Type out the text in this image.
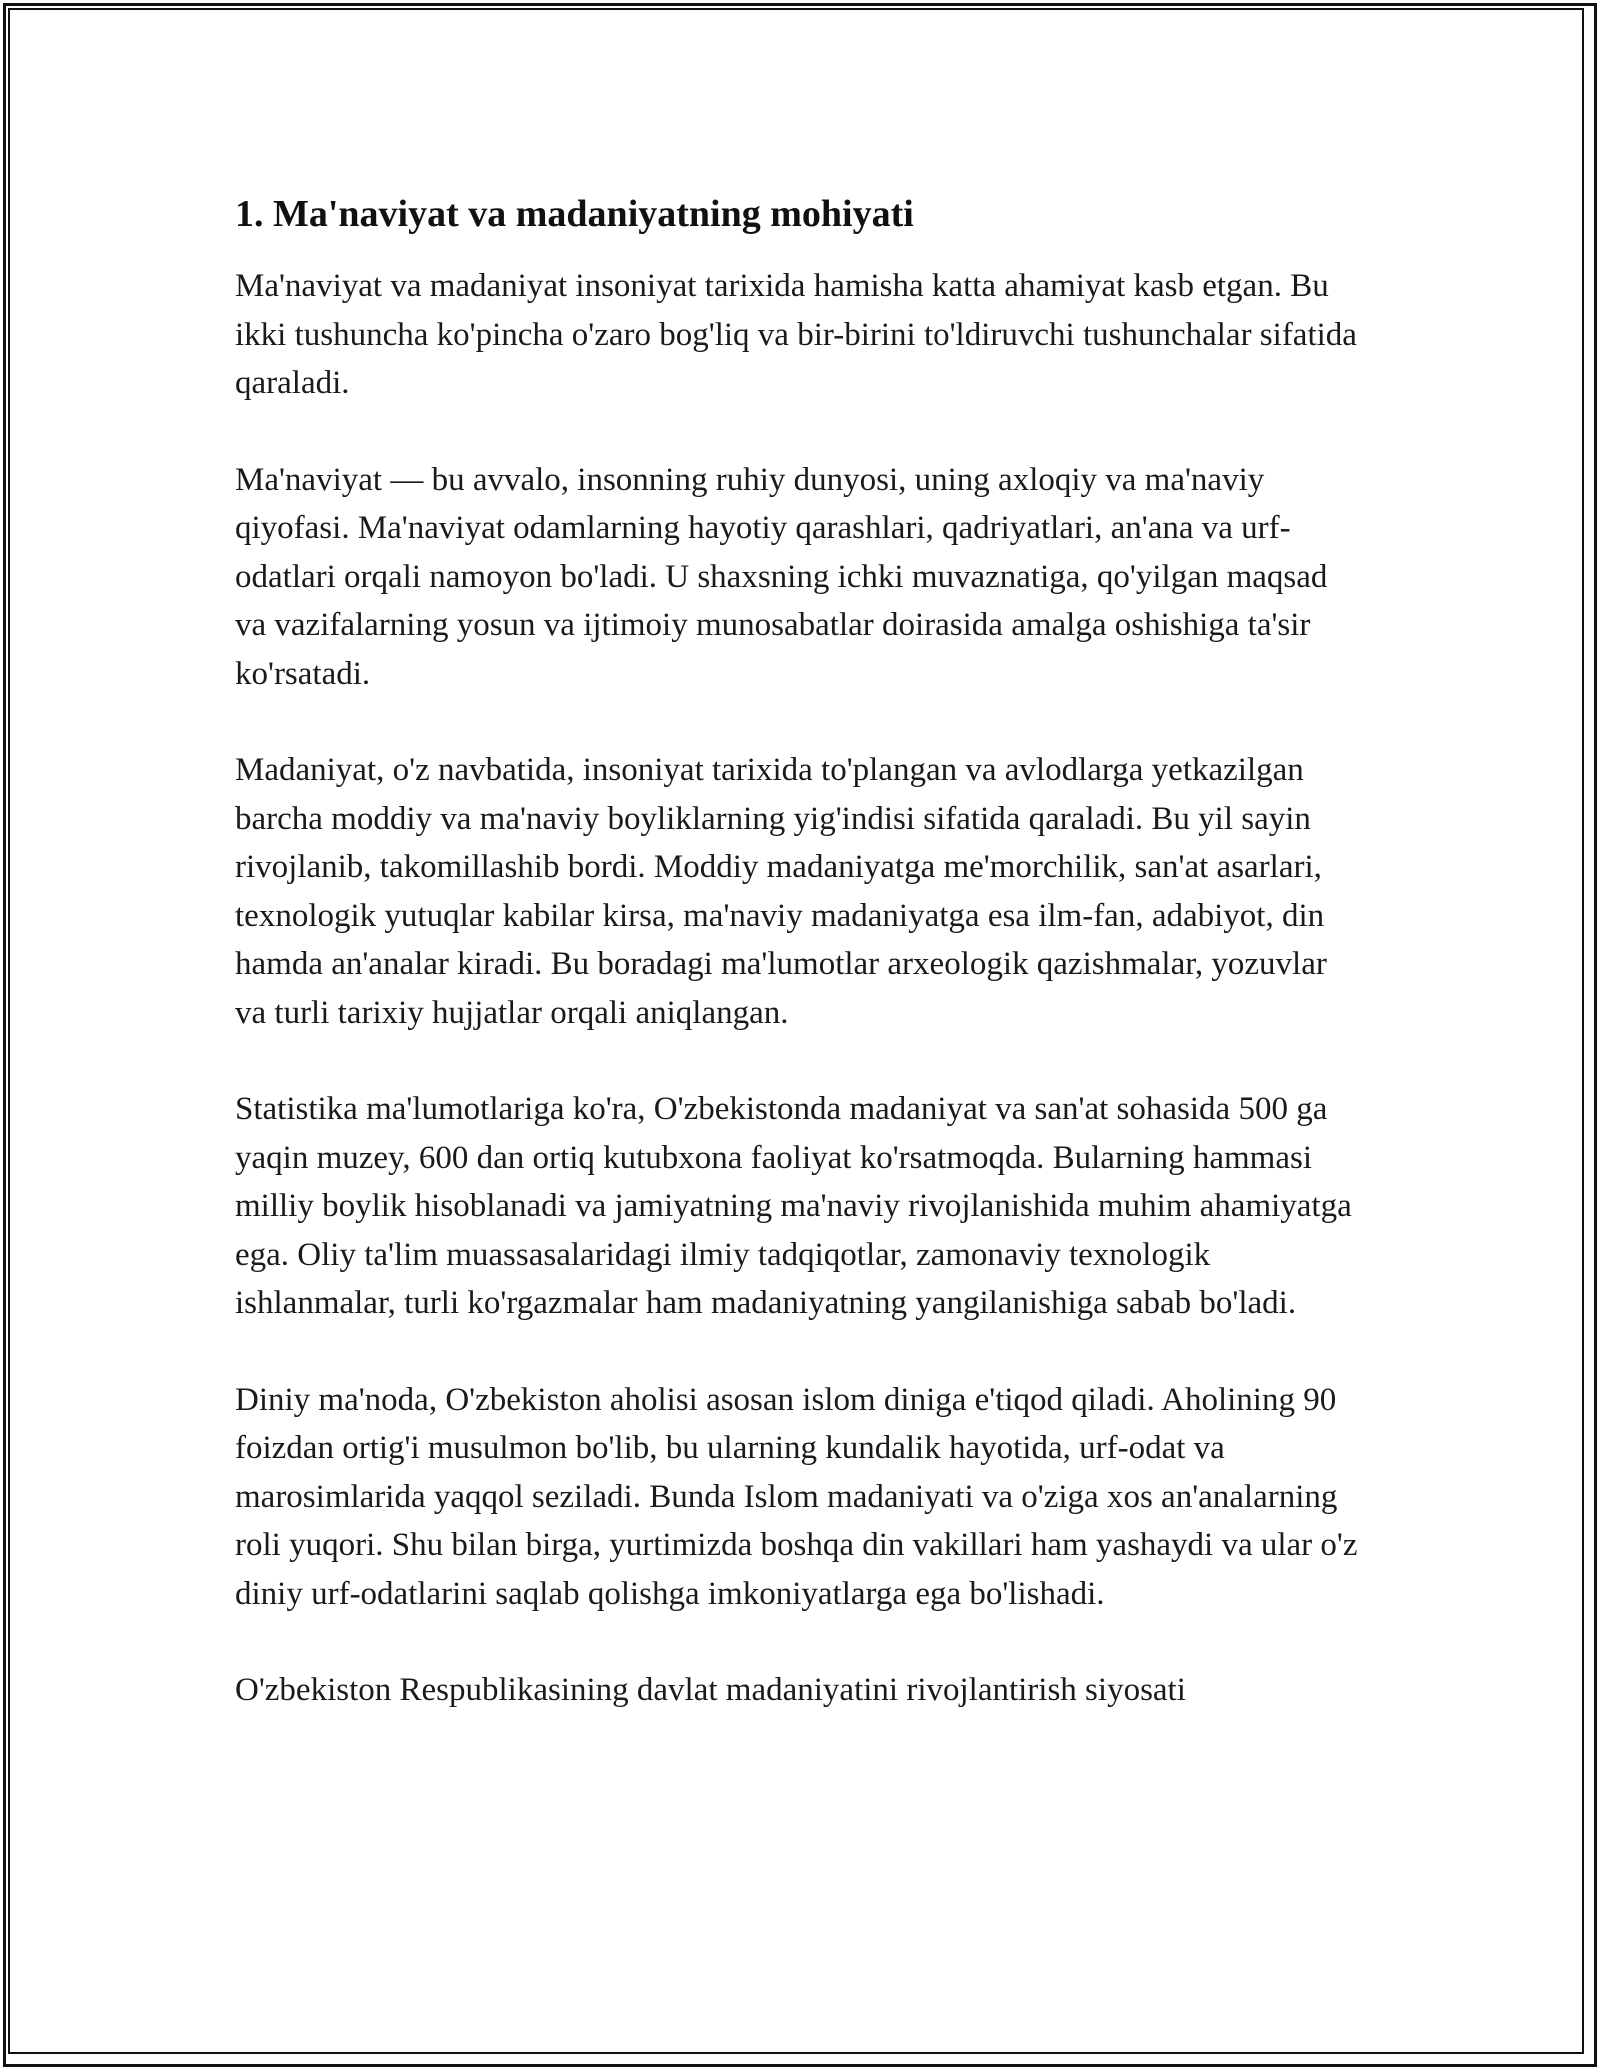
1. Ma'naviyat va madaniyatning mohiyati

Ma'naviyat va madaniyat insoniyat tarixida hamisha katta ahamiyat kasb etgan. Bu ikki tushuncha ko'pincha o'zaro bog'liq va bir-birini to'ldiruvchi tushunchalar sifatida qaraladi.

Ma'naviyat — bu avvalo, insonning ruhiy dunyosi, uning axloqiy va ma'naviy qiyofasi. Ma'naviyat odamlarning hayotiy qarashlari, qadriyatlari, an'ana va urf-odatlari orqali namoyon bo'ladi. U shaxsning ichki muvaznatiga, qo'yilgan maqsad va vazifalarning yosun va ijtimoiy munosabatlar doirasida amalga oshishiga ta'sir ko'rsatadi.

Madaniyat, o'z navbatida, insoniyat tarixida to'plangan va avlodlarga yetkazilgan barcha moddiy va ma'naviy boyliklarning yig'indisi sifatida qaraladi. Bu yil sayin rivojlanib, takomillashib bordi. Moddiy madaniyatga me'morchilik, san'at asarlari, texnologik yutuqlar kabilar kirsa, ma'naviy madaniyatga esa ilm-fan, adabiyot, din hamda an'analar kiradi. Bu boradagi ma'lumotlar arxeologik qazishmalar, yozuvlar va turli tarixiy hujjatlar orqali aniqlangan.

Statistika ma'lumotlariga ko'ra, O'zbekistonda madaniyat va san'at sohasida 500 ga yaqin muzey, 600 dan ortiq kutubxona faoliyat ko'rsatmoqda. Bularning hammasi milliy boylik hisoblanadi va jamiyatning ma'naviy rivojlanishida muhim ahamiyatga ega. Oliy ta'lim muassasalaridagi ilmiy tadqiqotlar, zamonaviy texnologik ishlanmalar, turli ko'rgazmalar ham madaniyatning yangilanishiga sabab bo'ladi.

Diniy ma'noda, O'zbekiston aholisi asosan islom diniga e'tiqod qiladi. Aholining 90 foizdan ortig'i musulmon bo'lib, bu ularning kundalik hayotida, urf-odat va marosimlarida yaqqol seziladi. Bunda Islom madaniyati va o'ziga xos an'analarning roli yuqori. Shu bilan birga, yurtimizda boshqa din vakillari ham yashaydi va ular o'z diniy urf-odatlarini saqlab qolishga imkoniyatlarga ega bo'lishadi.

O'zbekiston Respublikasining davlat madaniyatini rivojlantirish siyosati
